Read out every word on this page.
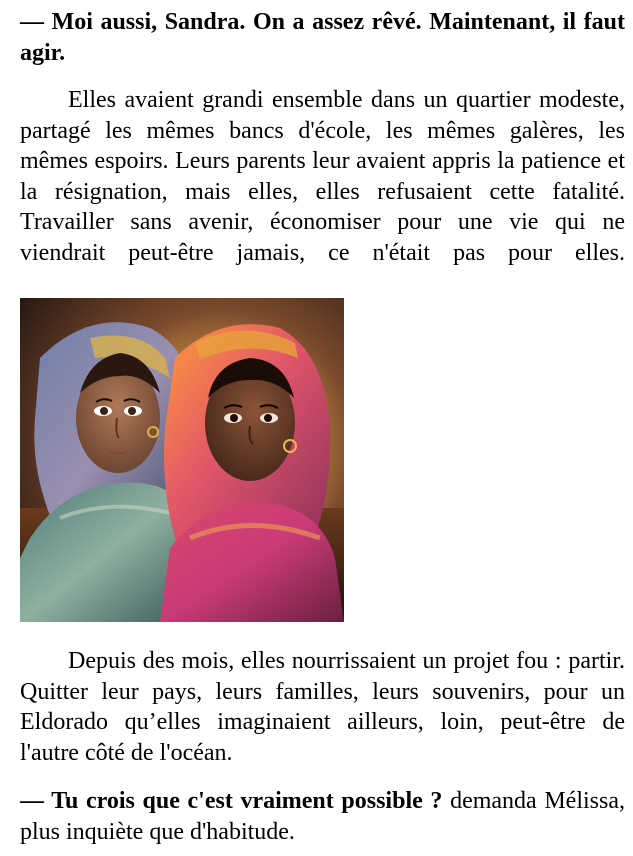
— Moi aussi, Sandra. On a assez rêvé. Maintenant, il faut agir.

Elles avaient grandi ensemble dans un quartier modeste, partagé les mêmes bancs d'école, les mêmes galères, les mêmes espoirs. Leurs parents leur avaient appris la patience et la résignation, mais elles, elles refusaient cette fatalité. Travailler sans avenir, économiser pour une vie qui ne viendrait peut-être jamais, ce n'était pas pour elles.

Depuis des mois, elles nourrissaient un projet fou : partir. Quitter leur pays, leurs familles, leurs souvenirs, pour un Eldorado qu’elles imaginaient ailleurs, loin, peut-être de l'autre côté de l'océan.

— Tu crois que c'est vraiment possible ? demanda Mélissa, plus inquiète que d'habitude.
